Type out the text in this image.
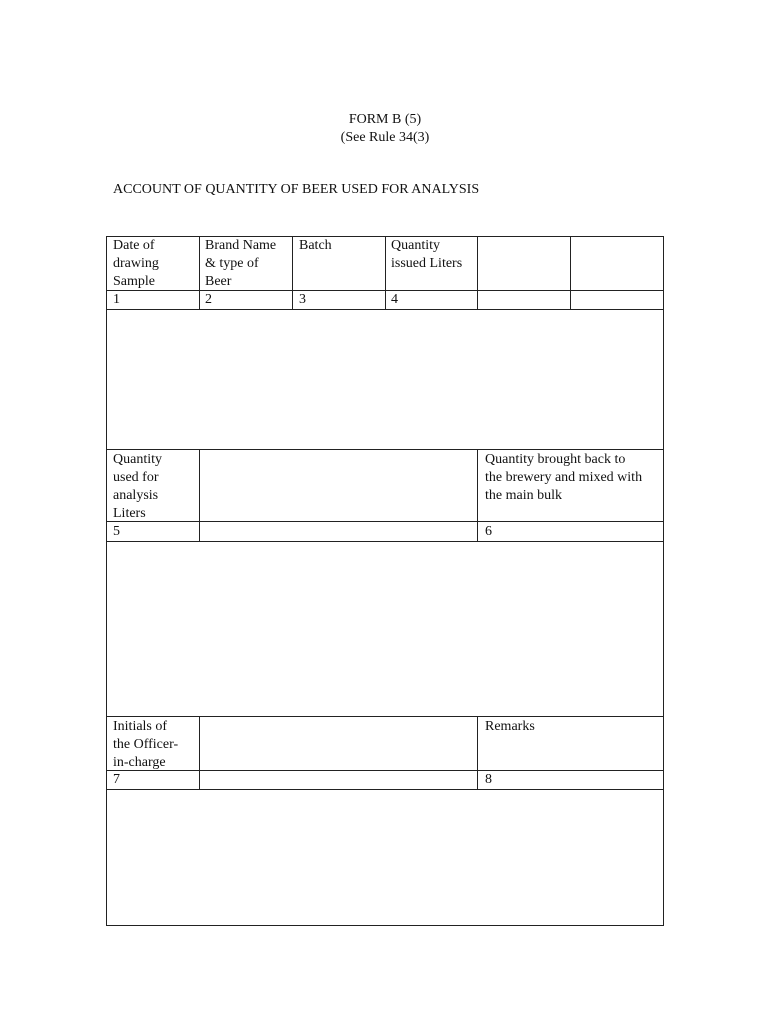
FORM B (5)
(See Rule 34(3)
ACCOUNT OF QUANTITY OF BEER USED FOR ANALYSIS
Date of
drawing
Sample
1
Brand Name
& type of
Beer
2
Batch
3
Quantity
issued Liters
4
Quantity
used for
analysis
Liters
5
Quantity brought back to
the brewery and mixed with
the main bulk
6
Initials of
the Officer-
in-charge
7
Remarks
8
